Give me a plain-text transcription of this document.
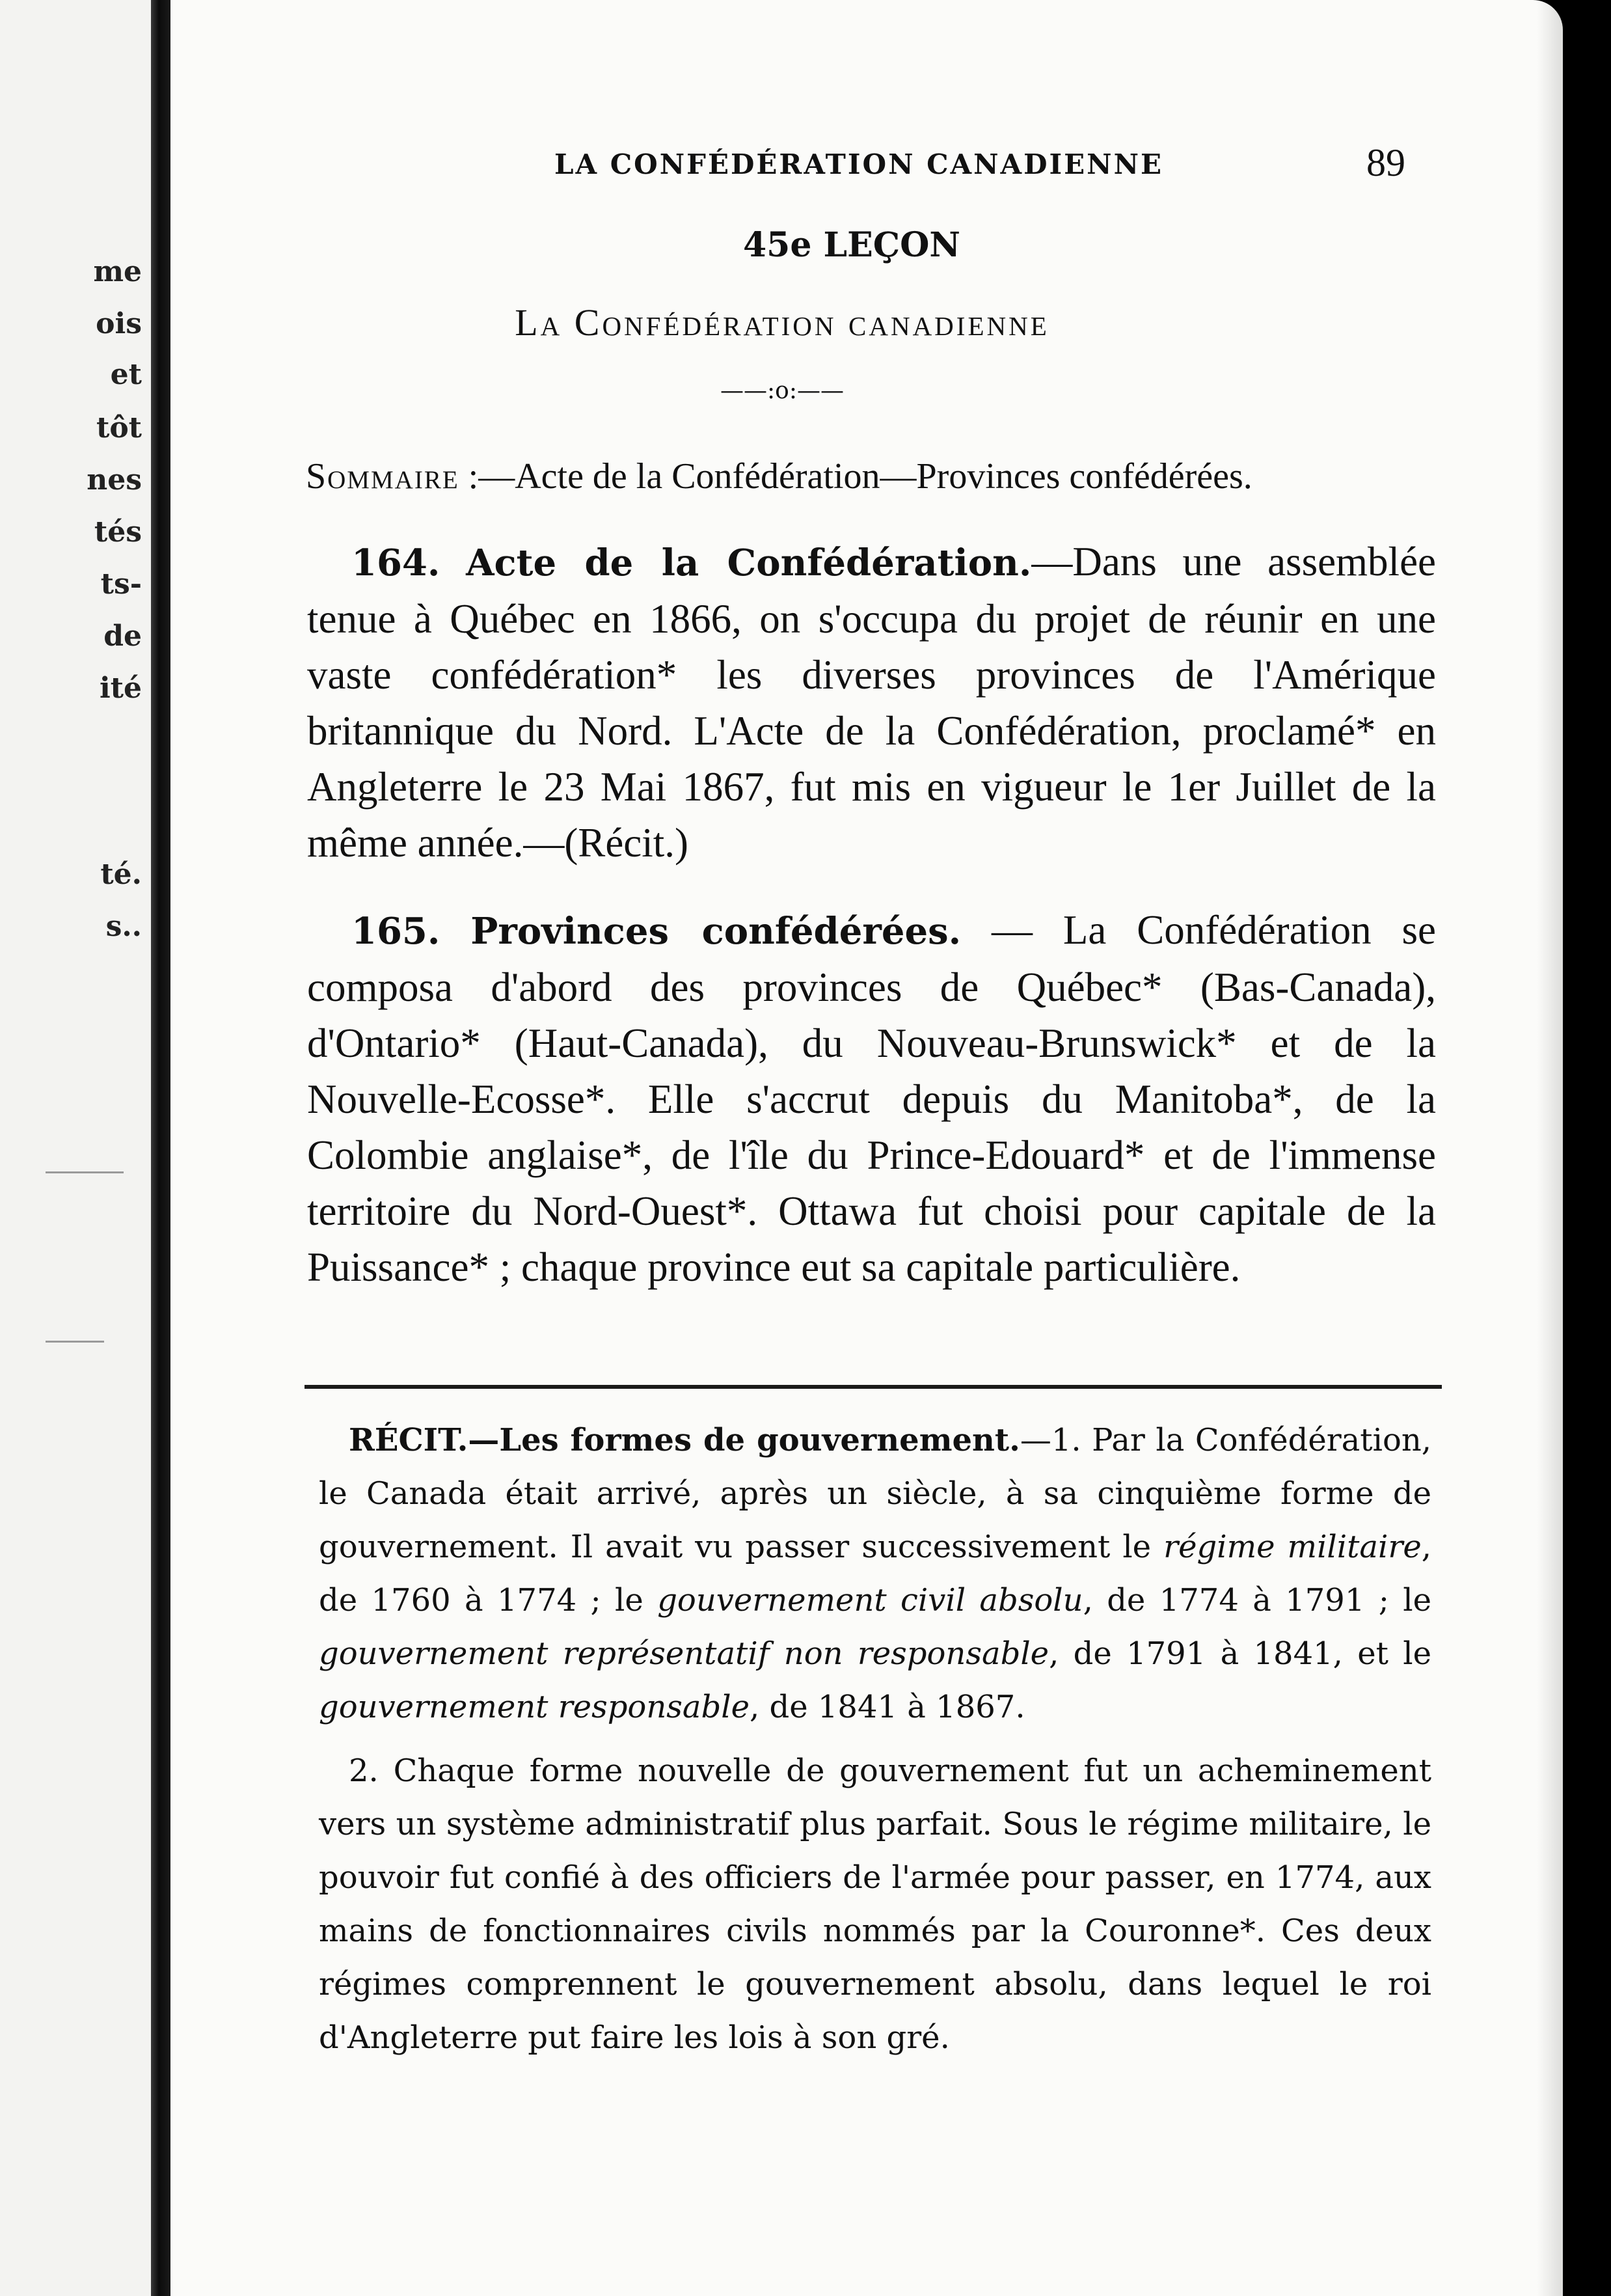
me

ois

et

tôt

nes

tés

ts-

de

ité

té.

s..

LA CONFÉDÉRATION CANADIENNE	89
45e LEÇON
La Confédération canadienne
——:o:——
Sommaire :—Acte de la Confédération—Provinces confédérées.

164. Acte de la Confédération.—Dans une assemblée tenue à Québec en 1866, on s'occupa du projet de réunir en une vaste confédération* les diverses provinces de l'Amérique britannique du Nord. L'Acte de la Confédération, proclamé* en Angleterre le 23 Mai 1867, fut mis en vigueur le 1er Juillet de la même année.—(Récit.)

165. Provinces confédérées. — La Confédération se composa d'abord des provinces de Québec* (Bas-Canada), d'Ontario* (Haut-Canada), du Nouveau-Brunswick* et de la Nouvelle-Ecosse*. Elle s'accrut depuis du Manitoba*, de la Colombie anglaise*, de l'île du Prince-Edouard* et de l'immense territoire du Nord-Ouest*. Ottawa fut choisi pour capitale de la Puissance* ; chaque province eut sa capitale particulière.

RÉCIT.—Les formes de gouvernement.—1. Par la Confédération, le Canada était arrivé, après un siècle, à sa cinquième forme de gouvernement. Il avait vu passer successivement le régime militaire, de 1760 à 1774 ; le gouvernement civil absolu, de 1774 à 1791 ; le gouvernement représentatif non responsable, de 1791 à 1841, et le gouvernement responsable, de 1841 à 1867.

2. Chaque forme nouvelle de gouvernement fut un acheminement vers un système administratif plus parfait. Sous le régime militaire, le pouvoir fut confié à des officiers de l'armée pour passer, en 1774, aux mains de fonctionnaires civils nommés par la Couronne*. Ces deux régimes comprennent le gouvernement absolu, dans lequel le roi d'Angleterre put faire les lois à son gré.
